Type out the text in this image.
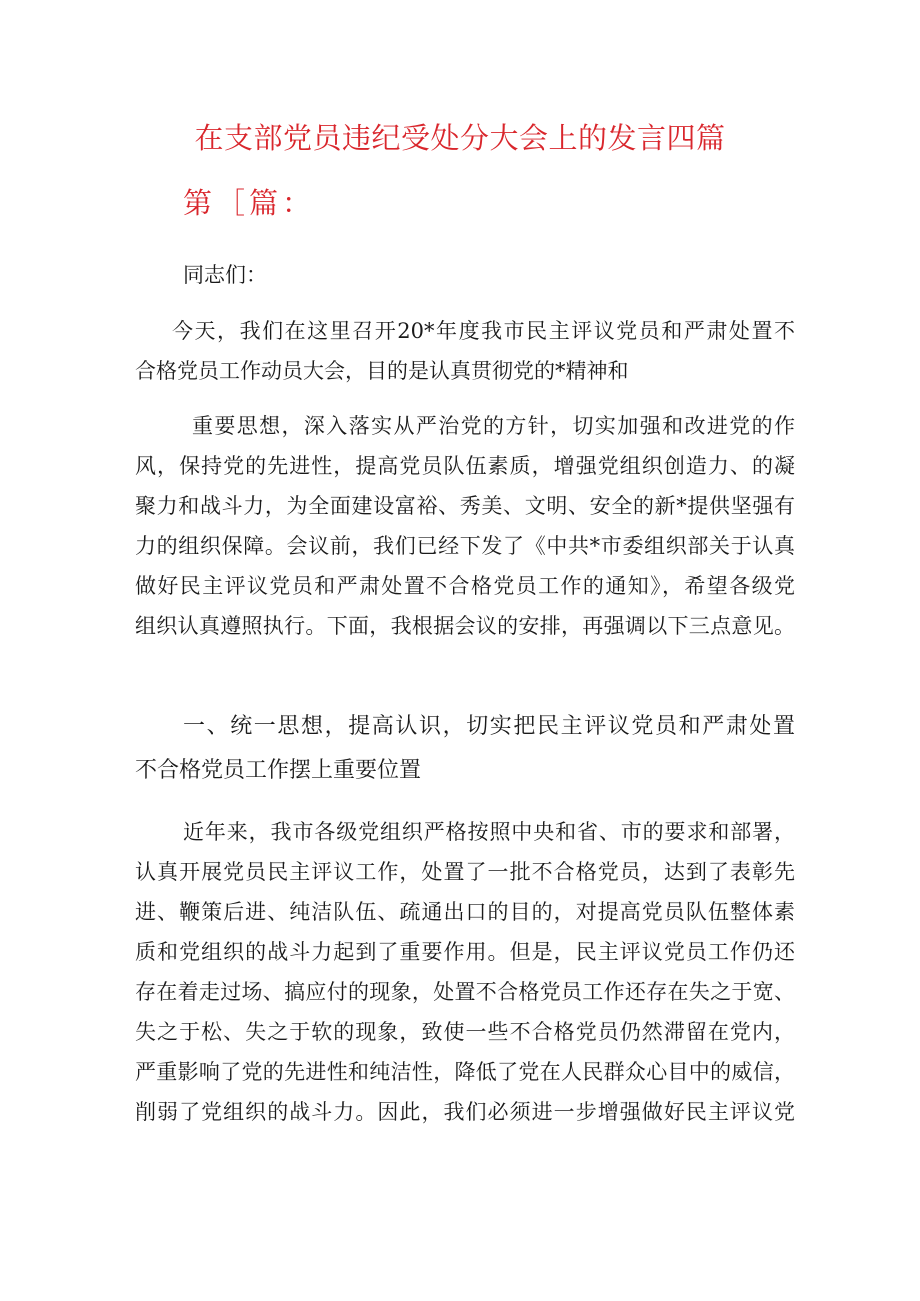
在支部党员违纪受处分大会上的发言四篇
第［篇：
同志们：
今天，我们在这里召开20*年度我市民主评议党员和严肃处置不
合格党员工作动员大会，目的是认真贯彻党的*精神和
重要思想，深入落实从严治党的方针，切实加强和改进党的作
风，保持党的先进性，提高党员队伍素质，增强党组织创造力、的凝
聚力和战斗力，为全面建设富裕、秀美、文明、安全的新*提供坚强有
力的组织保障。会议前，我们已经下发了《中共*市委组织部关于认真
做好民主评议党员和严肃处置不合格党员工作的通知》，希望各级党
组织认真遵照执行。下面，我根据会议的安排，再强调以下三点意见。
一、统一思想，提高认识，切实把民主评议党员和严肃处置
不合格党员工作摆上重要位置
近年来，我市各级党组织严格按照中央和省、市的要求和部署，
认真开展党员民主评议工作，处置了一批不合格党员，达到了表彰先
进、鞭策后进、纯洁队伍、疏通出口的目的，对提高党员队伍整体素
质和党组织的战斗力起到了重要作用。但是，民主评议党员工作仍还
存在着走过场、搞应付的现象，处置不合格党员工作还存在失之于宽、
失之于松、失之于软的现象，致使一些不合格党员仍然滞留在党内，
严重影响了党的先进性和纯洁性，降低了党在人民群众心目中的威信，
削弱了党组织的战斗力。因此，我们必须进一步增强做好民主评议党
